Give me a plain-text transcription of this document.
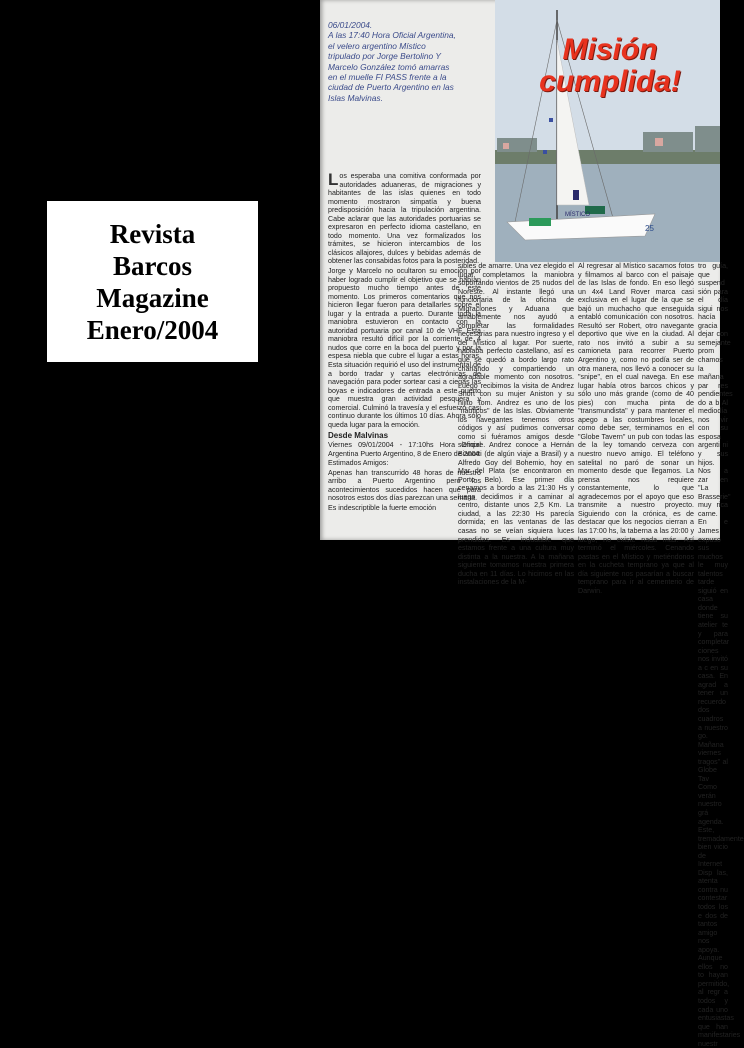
Revista
Barcos
Magazine
Enero/2004
25
MÍSTICO
Misión
cumplida!
06/01/2004.
A las 17:40 Hora Oficial Argentina, el velero argentino Místico tripulado por Jorge Bertolino Y Marcelo González tomó amarras en el muelle FI PASS frente a la ciudad de Puerto Argentino en las Islas Malvinas.

Los esperaba una comitiva conformada por autoridades aduaneras, de migraciones y habitantes de las islas quienes en todo momento mostraron simpatía y buena predisposición hacia la tripulación argentina. Cabe aclarar que las autoridades portuarias se expresaron en perfecto idioma castellano, en todo momento. Una vez formalizados los trámites, se hicieron intercambios de los clásicos allajores, dulces y bebidas además de obtener las consabidas fotos para la posteridad.

Jorge y Marcelo no ocultaron su emoción por haber logrado cumplir el objetivo que se habían propuesto mucho tiempo antes de este momento. Los primeros comentarios que nos hicieron llegar fueron para detallarles sobre el lugar y la entrada a puerto. Durante toda la maniobra estuvieron en contacto con la autoridad portuaria por canal 10 de VHF. Esta maniobra resultó difícil por la corriente de 4 nudos que corre en la boca del puerto y por la espesa niebla que cubre el lugar a estas horas. Esta situación requirió el uso del instrumental de a bordo tradar y cartas electrónicas de navegación para poder sortear casi a ciegas las boyas e indicadores de entrada a este puerto que muestra gran actividad pesquera y comercial. Culminó la travesía y el esfuerzo casi continuo durante los últimos 10 días. Ahora sólo queda lugar para la emoción.

Desde Malvinas

Viernes 09/01/2004 - 17:10hs Hora Oficial Argentina Puerto Argentino, 8 de Enero de 2004

Estimados Amigos:

Apenas han transcurrido 48 horas de nuestro arribo a Puerto Argentino pero los acontecimientos sucedidos hacen que para nosotros estos dos días parezcan una semana.

Es indescriptible la fuerte emoción

sibles de amarre. Una vez elegido el lugar, completamos la maniobra soportando vientos de 25 nudos del Noreste. Al instante llegó una funcionaria de la oficina de Migraciones y Aduana que amablemente nos ayudó a completar las formalidades necesarias para nuestro ingreso y el del Místico al lugar. Por suerte, hablaba perfecto castellano, así es que se quedó a bordo largo rato charlando y compartiendo un agradable momento con nosotros. Luego recibimos la visita de Andrez Short con su mujer Aniston y su hijito Tom. Andrez es uno de los "náuticos" de las Islas. Obviamente los navegantes tenemos otros códigos y así pudimos conversar como si fuéramos amigos desde siempre. Andrez conoce a Hernán Bianotti (de algún viaje a Brasil) y a Alfredo Goy del Bohemio, hoy en Mar del Plata (se encontraron en Porto Belo). Ese primer día cenamos a bordo a las 21:30 Hs y luego decidimos ir a caminar al centro, distante unos 2,5 Km. La ciudad, a las 22:30 Hs parecía dormida; en las ventanas de las casas no se veían siquiera luces prendidas. Es indudable que estamos frente a una cultura muy distinta a la nuestra. A la mañana siguiente tomamos nuestra primera ducha en 11 días. Lo hicimos en las instalaciones de la M-

Al regresar al Místico sacamos fotos y filmamos al barco con el paisaje de las Islas de fondo. En eso llegó un 4x4 Land Rover marca casi exclusiva en el lugar de la que se bajó un muchacho que enseguida entabló comunicación con nosotros. Resultó ser Robert, otro navegante deportivo que vive en la ciudad. Al rato nos invitó a subir a su camioneta para recorrer Puerto Argentino y, como no podía ser de otra manera, nos llevó a conocer su "snipe", en el cual navega. En ese lugar había otros barcos chicos y sólo uno más grande (como de 40 pies) con mucha pinta de "transmundista" y para mantener el apego a las costumbres locales, como debe ser, terminamos en el "Globe Tavern" un pub con todas las de la ley tomando cerveza con nuestro nuevo amigo. El teléfono satelital no paró de sonar un momento desde que llegamos. La prensa nos requiere constantemente, lo que agradecemos por el apoyo que eso transmite a nuestro proyecto. Siguiendo con la crónica, es de destacar que los negocios cierran a las 17:00 hs, la taberna a las 20:00 y luego, no existe nada más. Así terminó el miércoles. Cenando pastas en el Místico y metiéndonos en la cucheta temprano ya que al día siguiente nos pasarían a buscar temprano para ir al cementerio de Darwin.

tro guía, que suspend sión para el día sigui nos hacía gracia dejar con semejante prom chamos la mañana par res pendientes do a b Al mediodía nos vir con su esposa argenti ni y sus hijos. Nos a zar en "La Brasserie" muy rica carne. En e James expuso sus muchos le muy talentos tarde siguió en casa donde tiene su atelier te y para completar ciones nos invitó a c en su casa. En agrad a tener un recuerdo dos cuadros a nuestro go. Mañana viernes tragos" al Globe Tav Como verán nuestro grá agenda. Este, tremadamente bien vicio de Internet Disp las, atenta contra nu contestar todos los e dos de tantos amigo nos apoya. Aunque ellos no to hayan permitido, al regr a todos y cada uno entusiastas que han manifestaries nuestr
